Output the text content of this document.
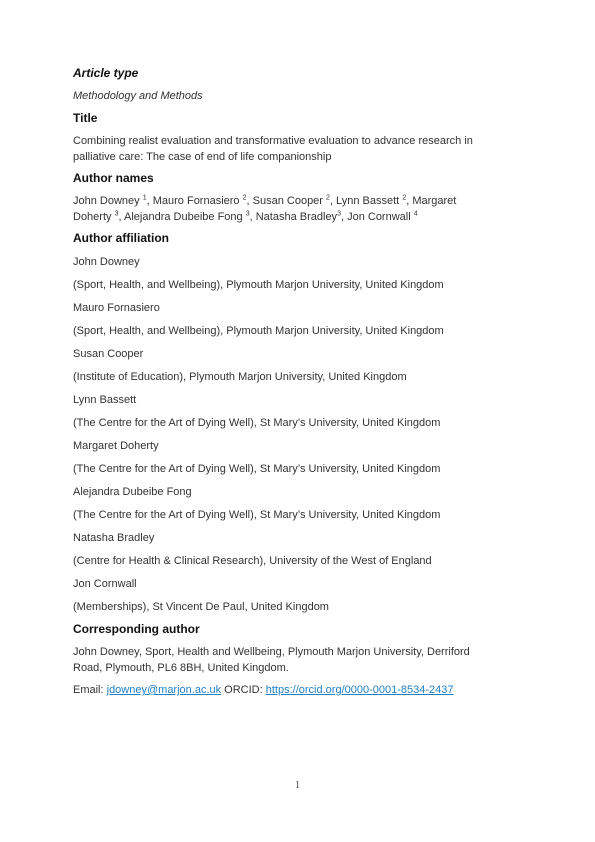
Article type

Methodology and Methods

Title

Combining realist evaluation and transformative evaluation to advance research in
palliative care: The case of end of life companionship

Author names

John Downey $^1$, Mauro Fornasiero $^2$, Susan Cooper $^2$, Lynn Bassett $^2$, Margaret
Doherty $^3$, Alejandra Dubeibe Fong $^3$, Natasha Bradley$^3$, Jon Cornwall $^4$

Author affiliation

John Downey

(Sport, Health, and Wellbeing), Plymouth Marjon University, United Kingdom

Mauro Fornasiero

(Sport, Health, and Wellbeing), Plymouth Marjon University, United Kingdom

Susan Cooper

(Institute of Education), Plymouth Marjon University, United Kingdom

Lynn Bassett

(The Centre for the Art of Dying Well), St Mary’s University, United Kingdom

Margaret Doherty

(The Centre for the Art of Dying Well), St Mary’s University, United Kingdom

Alejandra Dubeibe Fong

(The Centre for the Art of Dying Well), St Mary’s University, United Kingdom

Natasha Bradley

(Centre for Health & Clinical Research), University of the West of England

Jon Cornwall

(Memberships), St Vincent De Paul, United Kingdom

Corresponding author

John Downey, Sport, Health and Wellbeing, Plymouth Marjon University, Derriford
Road, Plymouth, PL6 8BH, United Kingdom.

Email: jdowney@marjon.ac.uk ORCID: https://orcid.org/0000-0001-8534-2437

1
